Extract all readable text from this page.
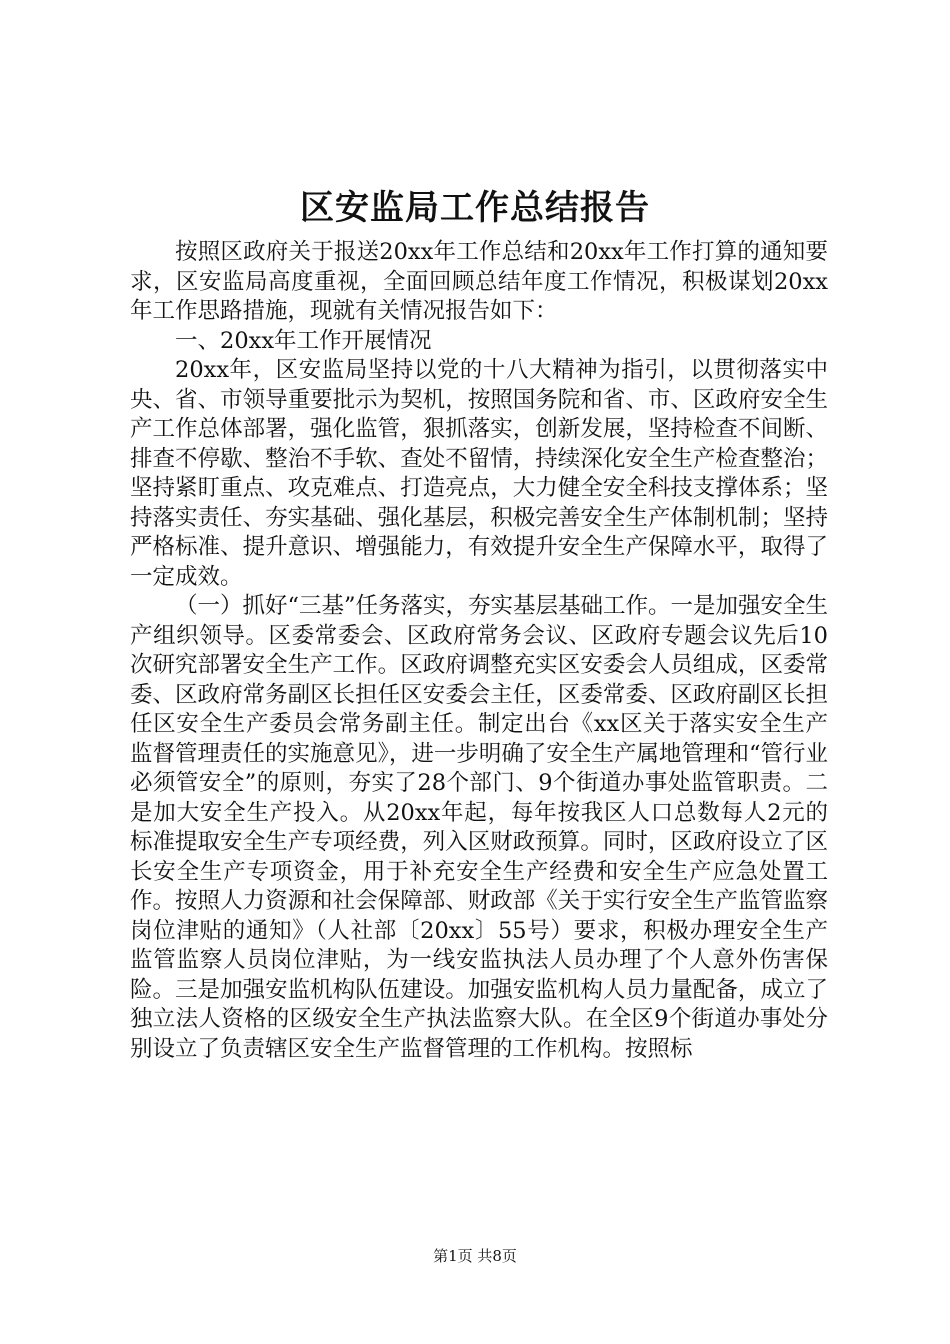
区安监局工作总结报告

按照区政府关于报送20xx年工作总结和20xx年工作打算的通知要求，区安监局高度重视，全面回顾总结年度工作情况，积极谋划20xx年工作思路措施，现就有关情况报告如下：

一、20xx年工作开展情况

20xx年，区安监局坚持以党的十八大精神为指引，以贯彻落实中央、省、市领导重要批示为契机，按照国务院和省、市、区政府安全生产工作总体部署，强化监管，狠抓落实，创新发展，坚持检查不间断、排查不停歇、整治不手软、查处不留情，持续深化安全生产检查整治；坚持紧盯重点、攻克难点、打造亮点，大力健全安全科技支撑体系；坚持落实责任、夯实基础、强化基层，积极完善安全生产体制机制；坚持严格标准、提升意识、增强能力，有效提升安全生产保障水平，取得了一定成效。

（一）抓好“三基”任务落实，夯实基层基础工作。一是加强安全生产组织领导。区委常委会、区政府常务会议、区政府专题会议先后10次研究部署安全生产工作。区政府调整充实区安委会人员组成，区委常委、区政府常务副区长担任区安委会主任，区委常委、区政府副区长担任区安全生产委员会常务副主任。制定出台《xx区关于落实安全生产监督管理责任的实施意见》，进一步明确了安全生产属地管理和“管行业必须管安全”的原则，夯实了28个部门、9个街道办事处监管职责。二是加大安全生产投入。从20xx年起，每年按我区人口总数每人2元的标准提取安全生产专项经费，列入区财政预算。同时，区政府设立了区长安全生产专项资金，用于补充安全生产经费和安全生产应急处置工作。按照人力资源和社会保障部、财政部《关于实行安全生产监管监察岗位津贴的通知》（人社部〔20xx〕55号）要求，积极办理安全生产监管监察人员岗位津贴，为一线安监执法人员办理了个人意外伤害保险。三是加强安监机构队伍建设。加强安监机构人员力量配备，成立了独立法人资格的区级安全生产执法监察大队。在全区9个街道办事处分别设立了负责辖区安全生产监督管理的工作机构。按照标

第1页 共8页
